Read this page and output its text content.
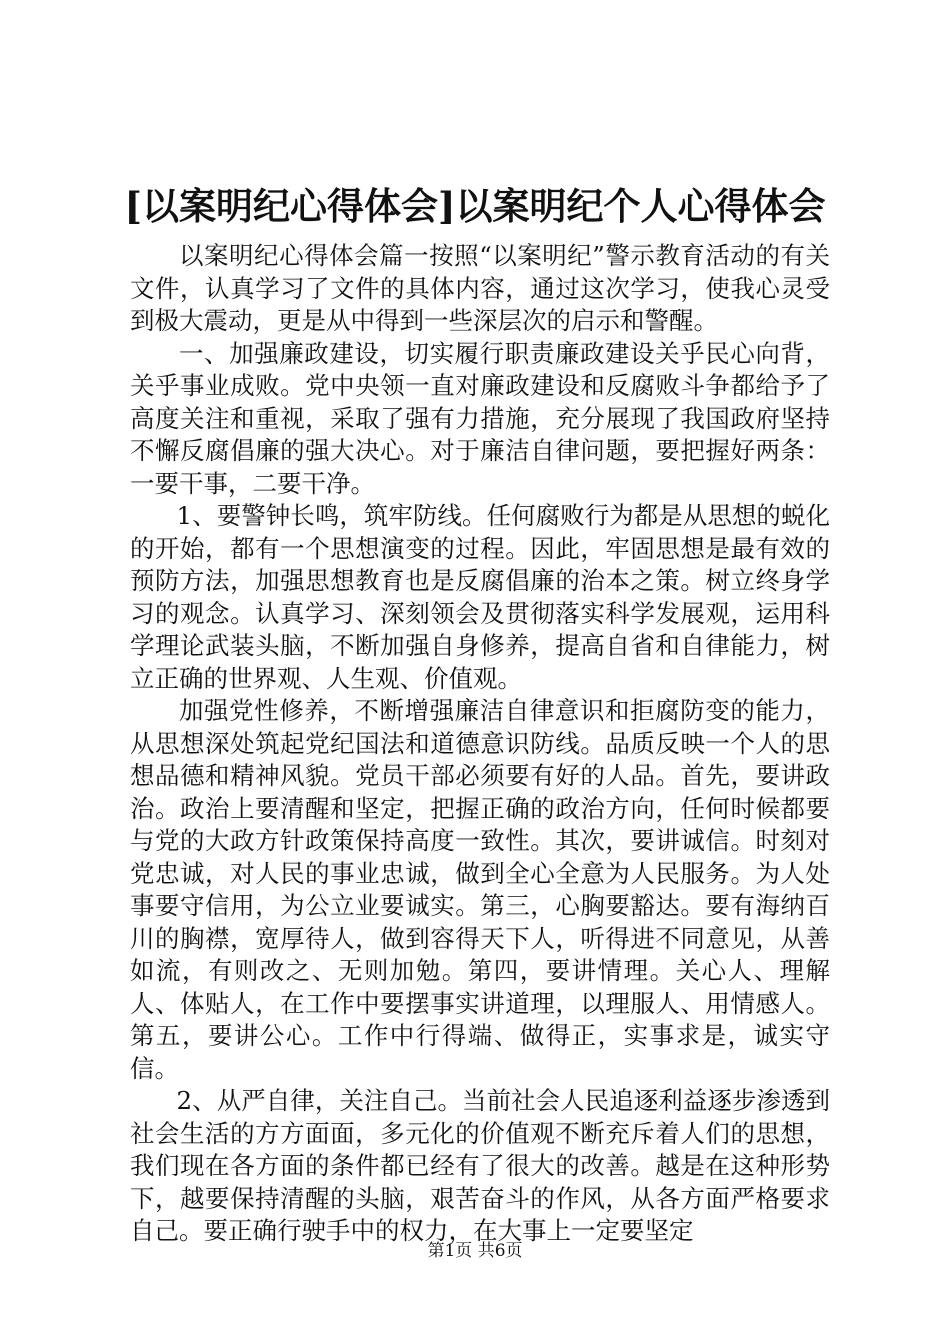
[以案明纪心得体会]以案明纪个人心得体会

以案明纪心得体会篇一按照“以案明纪”警示教育活动的有关文件，认真学习了文件的具体内容，通过这次学习，使我心灵受到极大震动，更是从中得到一些深层次的启示和警醒。

一、加强廉政建设，切实履行职责廉政建设关乎民心向背，关乎事业成败。党中央领一直对廉政建设和反腐败斗争都给予了高度关注和重视，采取了强有力措施，充分展现了我国政府坚持不懈反腐倡廉的强大决心。对于廉洁自律问题，要把握好两条：一要干事，二要干净。

1、要警钟长鸣，筑牢防线。任何腐败行为都是从思想的蜕化的开始，都有一个思想演变的过程。因此，牢固思想是最有效的预防方法，加强思想教育也是反腐倡廉的治本之策。树立终身学习的观念。认真学习、深刻领会及贯彻落实科学发展观，运用科学理论武装头脑，不断加强自身修养，提高自省和自律能力，树立正确的世界观、人生观、价值观。

加强党性修养，不断增强廉洁自律意识和拒腐防变的能力，从思想深处筑起党纪国法和道德意识防线。品质反映一个人的思想品德和精神风貌。党员干部必须要有好的人品。首先，要讲政治。政治上要清醒和坚定，把握正确的政治方向，任何时候都要与党的大政方针政策保持高度一致性。其次，要讲诚信。时刻对党忠诚，对人民的事业忠诚，做到全心全意为人民服务。为人处事要守信用，为公立业要诚实。第三，心胸要豁达。要有海纳百川的胸襟，宽厚待人，做到容得天下人，听得进不同意见，从善如流，有则改之、无则加勉。第四，要讲情理。关心人、理解人、体贴人，在工作中要摆事实讲道理，以理服人、用情感人。第五，要讲公心。工作中行得端、做得正，实事求是，诚实守信。

2、从严自律，关注自己。当前社会人民追逐利益逐步渗透到社会生活的方方面面，多元化的价值观不断充斥着人们的思想，我们现在各方面的条件都已经有了很大的改善。越是在这种形势下，越要保持清醒的头脑，艰苦奋斗的作风，从各方面严格要求自己。要正确行驶手中的权力，在大事上一定要坚定

第1页 共6页
